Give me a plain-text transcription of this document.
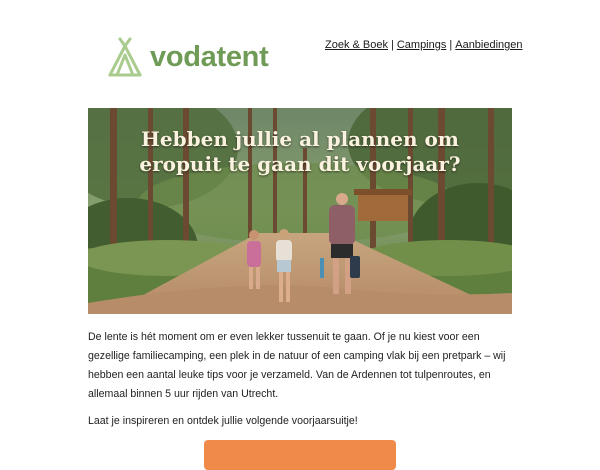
vodatent	Zoek & Boek | Campings | Aanbiedingen
Hebben jullie al plannen om
eropuit te gaan dit voorjaar?

De lente is hét moment om er even lekker tussenuit te gaan. Of je nu kiest voor een gezellige familiecamping, een plek in de natuur of een camping vlak bij een pretpark – wij hebben een aantal leuke tips voor je verzameld. Van de Ardennen tot tulpenroutes, en allemaal binnen 5 uur rijden van Utrecht.

Laat je inspireren en ontdek jullie volgende voorjaarsuitje!
